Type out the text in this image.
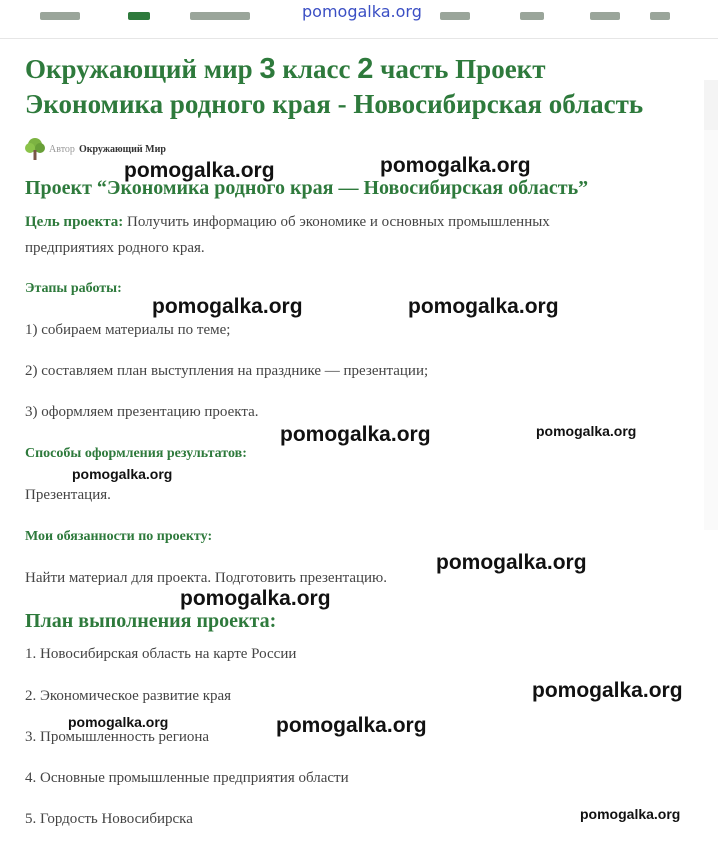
pomogalka.org
Окружающий мир 3 класс 2 часть Проект
Экономика родного края - Новосибирская область
Автор Окружающий Мир
Проект “Экономика родного края — Новосибирская область”

Цель проекта: Получить информацию об экономике и основных промышленных
предприятиях родного края.

Этапы работы:

1) собираем материалы по теме;

2) составляем план выступления на празднике — презентации;

3) оформляем презентацию проекта.

Способы оформления результатов:

Презентация.

Мои обязанности по проекту:

Найти материал для проекта. Подготовить презентацию.

План выполнения проекта:

1. Новосибирская область на карте России

2. Экономическое развитие края

3. Промышленность региона

4. Основные промышленные предприятия области

5. Гордость Новосибирска

pomogalka.org	pomogalka.org
pomogalka.org	pomogalka.org
pomogalka.org	pomogalka.org
pomogalka.org
pomogalka.org
pomogalka.org
pomogalka.org
pomogalka.org	pomogalka.org
pomogalka.org
